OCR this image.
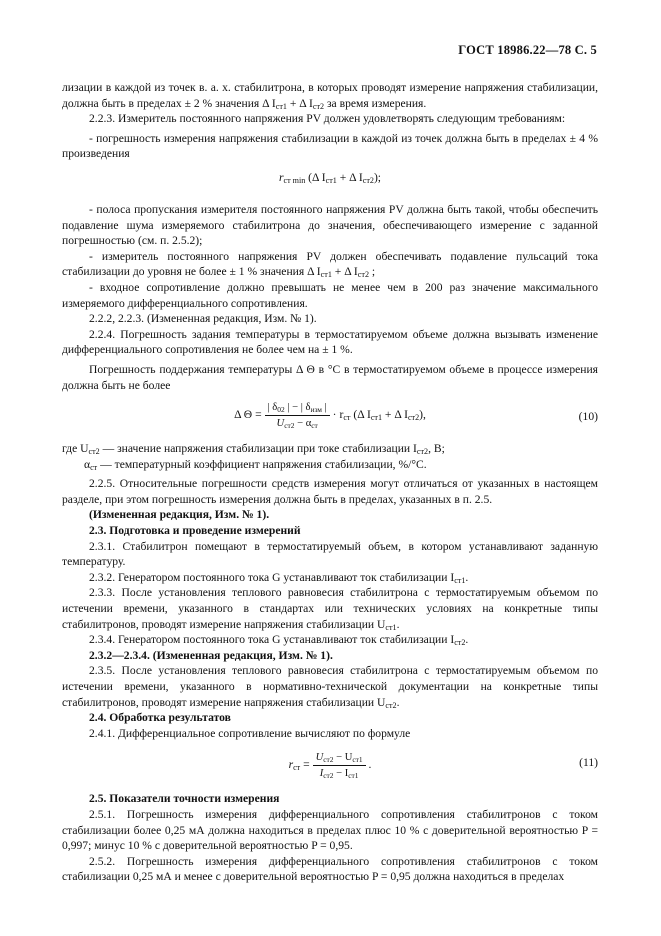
ГОСТ 18986.22—78 С. 5

лизации в каждой из точек в. а. х. стабилитрона, в которых проводят измерение напряжения стабилизации, должна быть в пределах ± 2 % значения Δ $I_{ст1} + \Delta$ $I_{ст2}$ за время измерения.

2.2.3. Измеритель постоянного напряжения PV должен удовлетворять следующим требованиям:

- погрешность измерения напряжения стабилизации в каждой из точек должна быть в пределах ± 4 % произведения

$r_{ст min}$ (Δ $I_{ст1} + \Delta$ $I_{ст2}$);

- полоса пропускания измерителя постоянного напряжения PV должна быть такой, чтобы обеспечить подавление шума измеряемого стабилитрона до значения, обеспечивающего измерение с заданной погрешностью (см. п. 2.5.2);

- измеритель постоянного напряжения PV должен обеспечивать подавление пульсаций тока стабилизации до уровня не более ± 1 % значения Δ $I_{ст1} + \Delta$ $I_{ст2}$ ;

- входное сопротивление должно превышать не менее чем в 200 раз значение максимального измеряемого дифференциального сопротивления.

2.2.2, 2.2.3. (Измененная редакция, Изм. № 1).

2.2.4. Погрешность задания температуры в термостатируемом объеме должна вызывать изменение дифференциального сопротивления не более чем на ± 1 %.

Погрешность поддержания температуры Δ Θ в °С в термостатируемом объеме в процессе измерения должна быть не более

Δ $\Theta = \frac{| \delta_{02} | - | \delta_{изм} |}{U_{ст2} - \alpha_{ст}} \cdot r_{ст}$ (Δ $I_{ст1} + \Delta$ $I_{ст2}$),	(10)

где $U_{ст2}$ — значение напряжения стабилизации при токе стабилизации $I_{ст2}$, В;

$\alpha_{ст}$ — температурный коэффициент напряжения стабилизации, %/°С.

2.2.5. Относительные погрешности средств измерения могут отличаться от указанных в настоящем разделе, при этом погрешность измерения должна быть в пределах, указанных в п. 2.5.

(Измененная редакция, Изм. № 1).

2.3. Подготовка и проведение измерений

2.3.1. Стабилитрон помещают в термостатируемый объем, в котором устанавливают заданную температуру.

2.3.2. Генератором постоянного тока G устанавливают ток стабилизации $I_{ст1}$.

2.3.3. После установления теплового равновесия стабилитрона с термостатируемым объемом по истечении времени, указанного в стандартах или технических условиях на конкретные типы стабилитронов, проводят измерение напряжения стабилизации $U_{ст1}$.

2.3.4. Генератором постоянного тока G устанавливают ток стабилизации $I_{ст2}$.

2.3.2—2.3.4. (Измененная редакция, Изм. № 1).

2.3.5. После установления теплового равновесия стабилитрона с термостатируемым объемом по истечении времени, указанного в нормативно-технической документации на конкретные типы стабилитронов, проводят измерение напряжения стабилизации $U_{ст2}$.

2.4. Обработка результатов

2.4.1. Дифференциальное сопротивление вычисляют по формуле

$r_{ст} = \frac{U_{ст2} - U_{ст1}}{I_{ст2} - I_{ст1}}$ .	(11)

2.5. Показатели точности измерения

2.5.1. Погрешность измерения дифференциального сопротивления стабилитронов с током стабилизации более 0,25 мА должна находиться в пределах плюс 10 % с доверительной вероятностью P = 0,997; минус 10 % с доверительной вероятностью P = 0,95.

2.5.2. Погрешность измерения дифференциального сопротивления стабилитронов с током стабилизации 0,25 мА и менее с доверительной вероятностью P = 0,95 должна находиться в пределах
